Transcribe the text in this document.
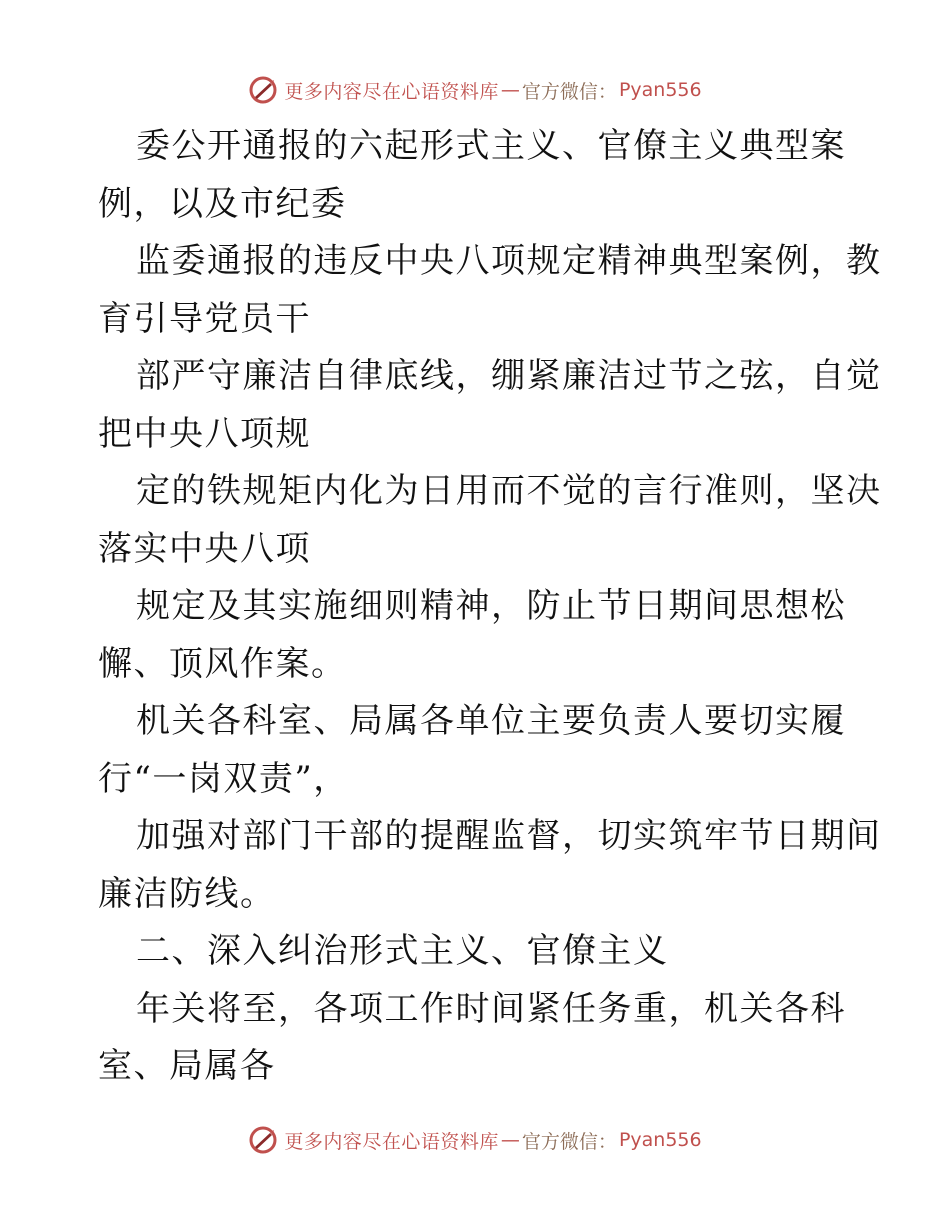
更多内容尽在心语资料库 — 官方微信： Pyan556

委公开通报的六起形式主义、官僚主义典型案

例，以及市纪委

监委通报的违反中央八项规定精神典型案例，教

育引导党员干

部严守廉洁自律底线，绷紧廉洁过节之弦，自觉

把中央八项规

定的铁规矩内化为日用而不觉的言行准则，坚决

落实中央八项

规定及其实施细则精神，防止节日期间思想松

懈、顶风作案。

机关各科室、局属各单位主要负责人要切实履

行“一岗双责”，

加强对部门干部的提醒监督，切实筑牢节日期间

廉洁防线。

二、深入纠治形式主义、官僚主义

年关将至，各项工作时间紧任务重，机关各科

室、局属各

更多内容尽在心语资料库 — 官方微信： Pyan556
